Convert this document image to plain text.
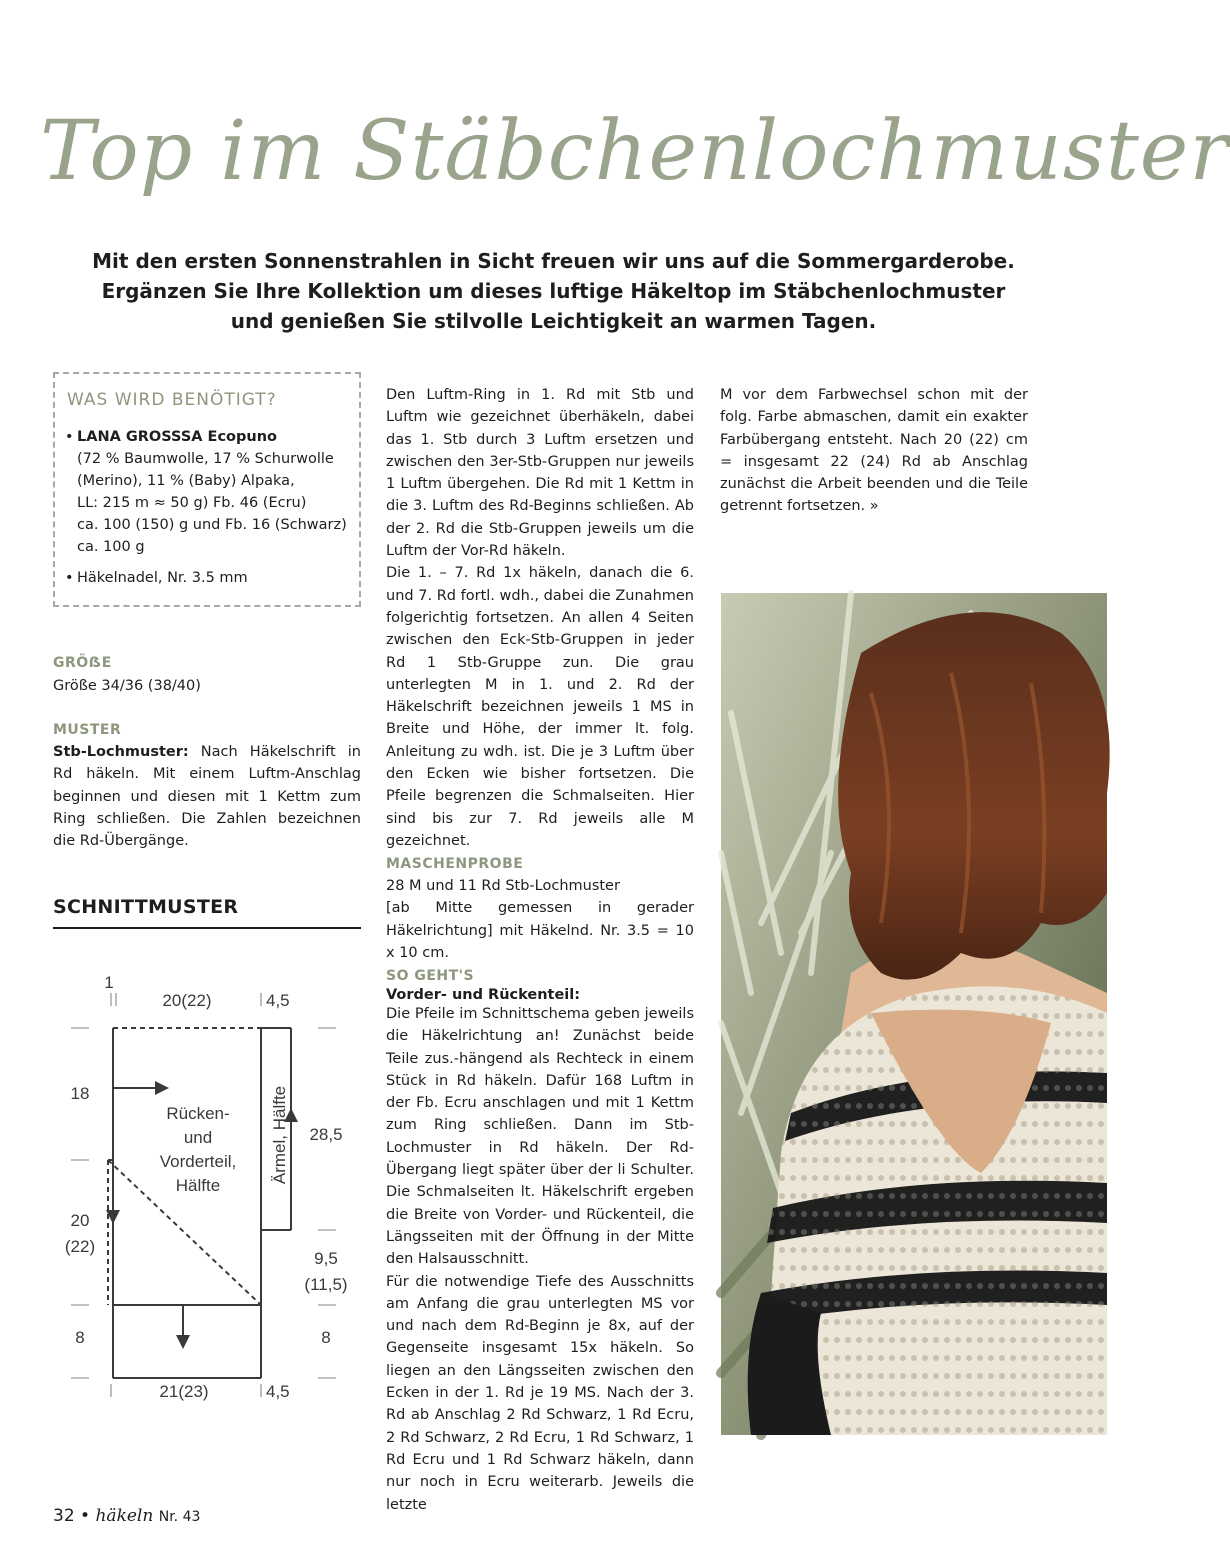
Top im Stäbchenlochmuster

Mit den ersten Sonnenstrahlen in Sicht freuen wir uns auf die Sommergarderobe.
Ergänzen Sie Ihre Kollektion um dieses luftige Häkeltop im Stäbchenlochmuster
und genießen Sie stilvolle Leichtigkeit an warmen Tagen.

WAS WIRD BENÖTIGT?
• LANA GROSSSA Ecopuno
(72 % Baumwolle, 17 % Schurwolle
(Merino), 11 % (Baby) Alpaka,
LL: 215 m ≈ 50 g) Fb. 46 (Ecru)
ca. 100 (150) g und Fb. 16 (Schwarz)
ca. 100 g
• Häkelnadel, Nr. 3.5 mm
GRÖẞE

Größe 34/36 (38/40)

MUSTER

Stb-Lochmuster: Nach Häkelschrift in Rd häkeln. Mit einem Luftm-Anschlag beginnen und diesen mit 1 Kettm zum Ring schließen. Die Zahlen bezeichnen die Rd-Übergänge.

SCHNITTMUSTER
1
20(22)	4,5
18
20
(22)
8
28,5
9,5
(11,5)
8
21(23)	4,5
Rücken-
und
Vorderteil,
Hälfte
Ärmel, Hälfte

Den Luftm-Ring in 1. Rd mit Stb und Luftm wie gezeichnet überhäkeln, dabei das 1. Stb durch 3 Luftm ersetzen und zwischen den 3er-Stb-Gruppen nur jeweils 1 Luftm übergehen. Die Rd mit 1 Kettm in die 3. Luftm des Rd-Beginns schließen. Ab der 2. Rd die Stb-Gruppen jeweils um die Luftm der Vor-Rd häkeln.

Die 1. – 7. Rd 1x häkeln, danach die 6. und 7. Rd fortl. wdh., dabei die Zunahmen folgerichtig fortsetzen. An allen 4 Seiten zwischen den Eck-Stb-Gruppen in jeder Rd 1 Stb-Gruppe zun. Die grau unterlegten M in 1. und 2. Rd der Häkelschrift bezeichnen jeweils 1 MS in Breite und Höhe, der immer lt. folg. Anleitung zu wdh. ist. Die je 3 Luftm über den Ecken wie bisher fortsetzen. Die Pfeile begrenzen die Schmalseiten. Hier sind bis zur 7. Rd jeweils alle M gezeichnet.

MASCHENPROBE

28 M und 11 Rd Stb-Lochmuster

[ab Mitte gemessen in gerader Häkelrichtung] mit Häkelnd. Nr. 3.5 = 10 x 10 cm.

SO GEHT'S

Vorder- und Rückenteil:

Die Pfeile im Schnittschema geben jeweils die Häkelrichtung an! Zunächst beide Teile zus.-hängend als Rechteck in einem Stück in Rd häkeln. Dafür 168 Luftm in der Fb. Ecru anschlagen und mit 1 Kettm zum Ring schließen. Dann im Stb-Lochmuster in Rd häkeln. Der Rd-Übergang liegt später über der li Schulter. Die Schmalseiten lt. Häkelschrift ergeben die Breite von Vorder- und Rückenteil, die Längsseiten mit der Öffnung in der Mitte den Halsausschnitt.

Für die notwendige Tiefe des Ausschnitts am Anfang die grau unterlegten MS vor und nach dem Rd-Beginn je 8x, auf der Gegenseite insgesamt 15x häkeln. So liegen an den Längsseiten zwischen den Ecken in der 1. Rd je 19 MS. Nach der 3. Rd ab Anschlag 2 Rd Schwarz, 1 Rd Ecru, 2 Rd Schwarz, 2 Rd Ecru, 1 Rd Schwarz, 1 Rd Ecru und 1 Rd Schwarz häkeln, dann nur noch in Ecru weiterarb. Jeweils die letzte

M vor dem Farbwechsel schon mit der folg. Farbe abmaschen, damit ein exakter Farbübergang entsteht. Nach 20 (22) cm = insgesamt 22 (24) Rd ab Anschlag zunächst die Arbeit beenden und die Teile getrennt fortsetzen. »

32 • häkeln Nr. 43
